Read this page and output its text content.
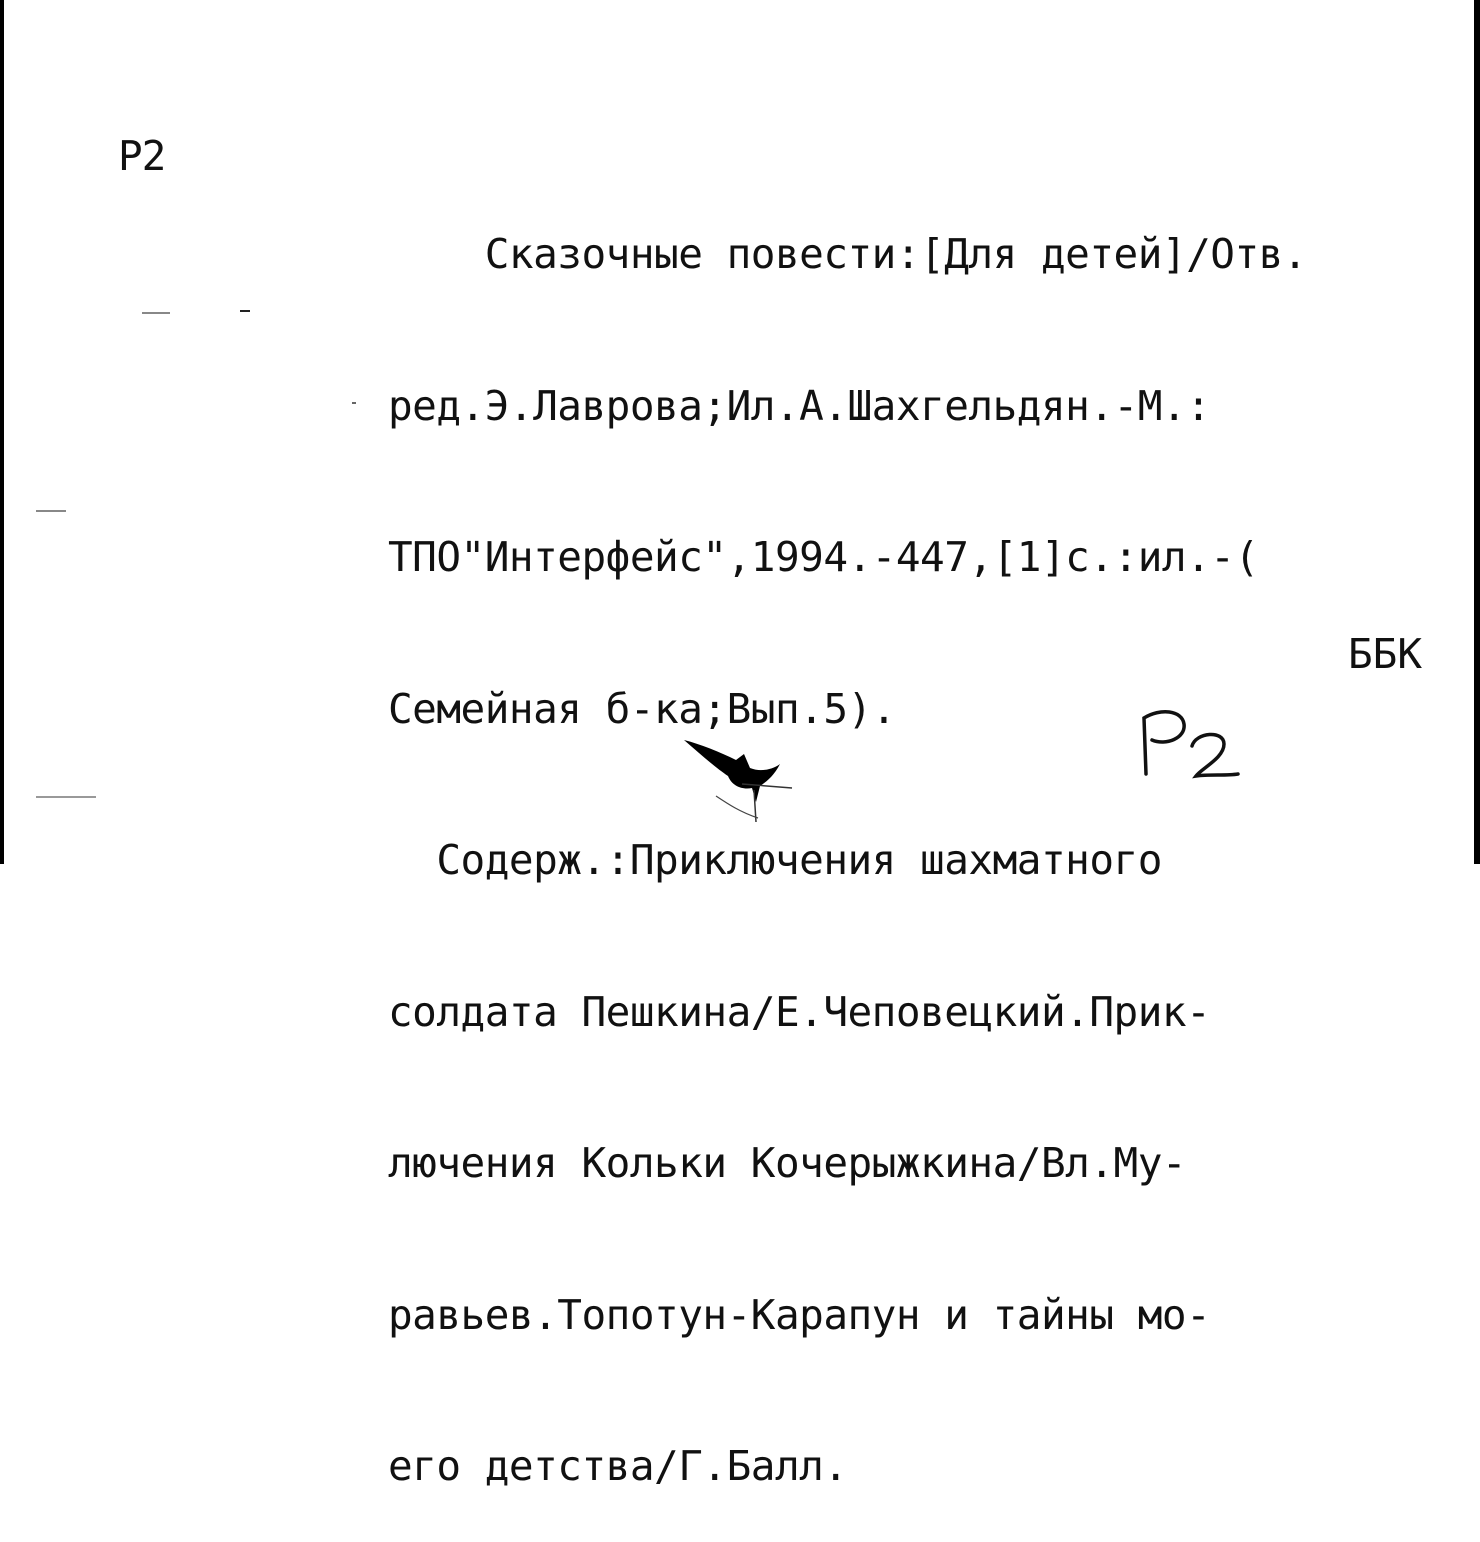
Р2

Сказочные повести:[Для детей]/Отв.

ред.Э.Лаврова;Ил.А.Шахгельдян.-М.:

ТПО"Интерфейс",1994.-447,[1]с.:ил.-(

Семейная б-ка;Вып.5).

Содерж.:Приключения шахматного

солдата Пешкина/Е.Чеповецкий.Прик-

лючения Кольки Кочерыжкина/Вл.Му-

равьев.Топотун-Карапун и тайны мо-

его детства/Г.Балл.

ББК
